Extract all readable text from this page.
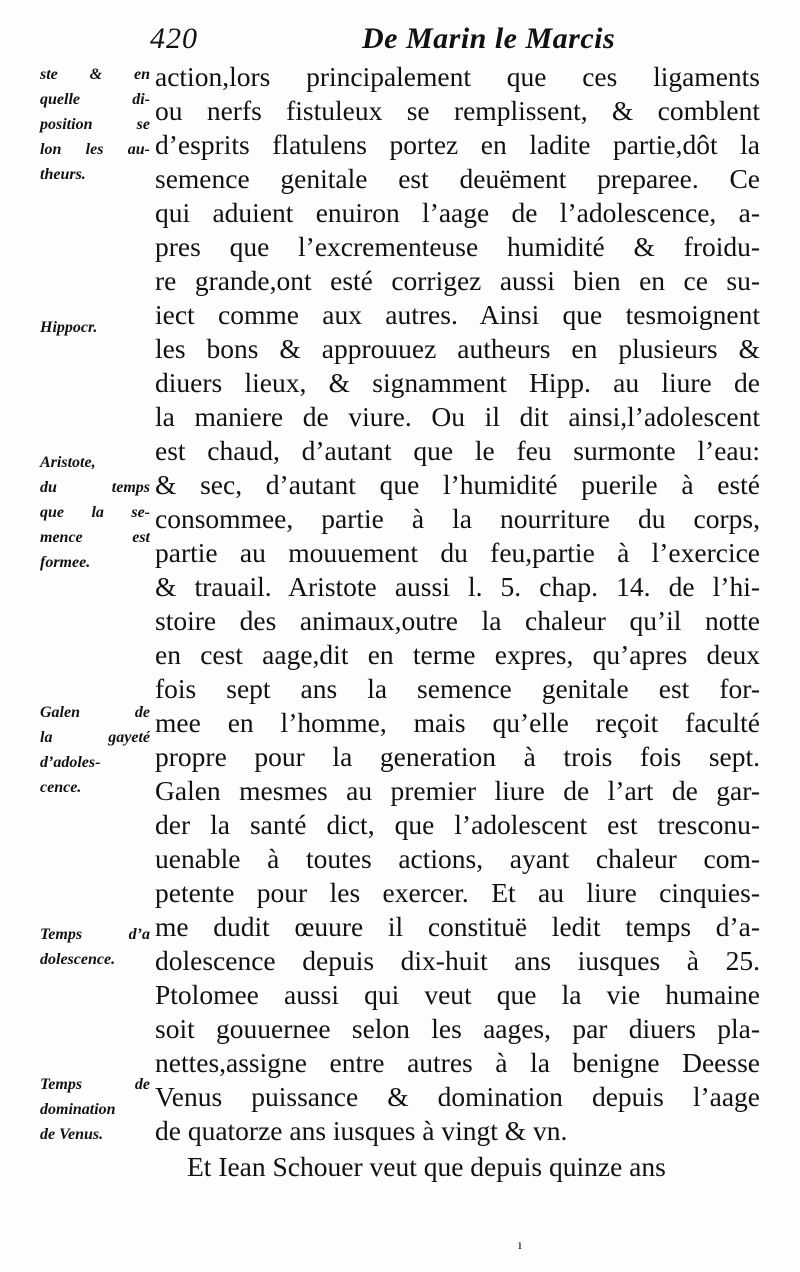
420	De Marin le Marcis
ste & en
quelle di-
position se
lon les au-
theurs.
Hippocr.
Aristote,
du temps
que la se-
mence est
formee.
Galen de
la gayeté
d’adoles-
cence.
Temps d’a
dolescence.
Temps de
domination
de Venus.
action,lors principalement que ces ligaments
ou nerfs fistuleux se remplissent, & comblent
d’esprits flatulens portez en ladite partie,dôt la
semence genitale est deuëment preparee. Ce
qui aduient enuiron l’aage de l’adolescence, a-
pres que l’excrementeuse humidité & froidu-
re grande,ont esté corrigez aussi bien en ce su-
iect comme aux autres. Ainsi que tesmoignent
les bons & approuuez autheurs en plusieurs &
diuers lieux, & signamment Hipp. au liure de
la maniere de viure. Ou il dit ainsi,l’adolescent
est chaud, d’autant que le feu surmonte l’eau:
& sec, d’autant que l’humidité puerile à esté
consommee, partie à la nourriture du corps,
partie au mouuement du feu,partie à l’exercice
& trauail. Aristote aussi l. 5. chap. 14. de l’hi-
stoire des animaux,outre la chaleur qu’il notte
en cest aage,dit en terme expres, qu’apres deux
fois sept ans la semence genitale est for-
mee en l’homme, mais qu’elle reçoit faculté
propre pour la generation à trois fois sept.
Galen mesmes au premier liure de l’art de gar-
der la santé dict, que l’adolescent est tresconu-
uenable à toutes actions, ayant chaleur com-
petente pour les exercer. Et au liure cinquies-
me dudit œuure il constituë ledit temps d’a-
dolescence depuis dix-huit ans iusques à 25.
Ptolomee aussi qui veut que la vie humaine
soit gouuernee selon les aages, par diuers pla-
nettes,assigne entre autres à la benigne Deesse
Venus puissance & domination depuis l’aage
de quatorze ans iusques à vingt & vn.
Et Iean Schouer veut que depuis quinze ans
ı
